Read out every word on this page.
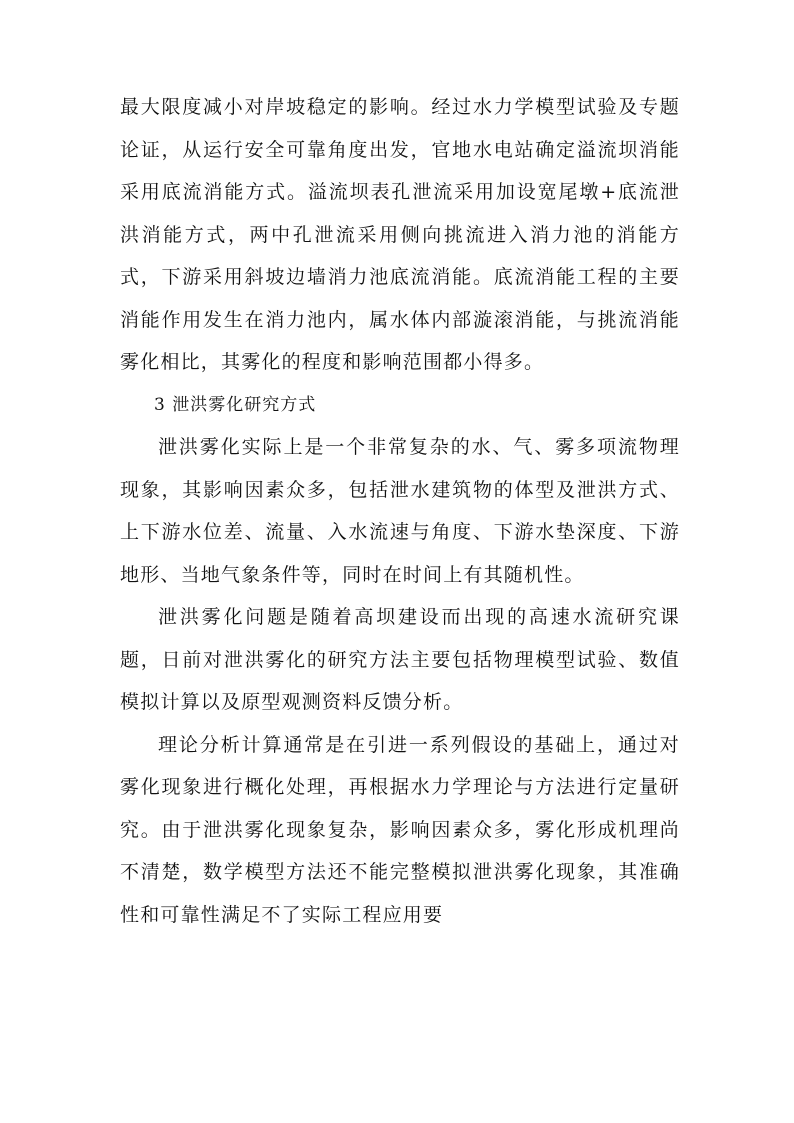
最大限度减小对岸坡稳定的影响。经过水力学模型试验及专题论证，从运行安全可靠角度出发，官地水电站确定溢流坝消能采用底流消能方式。溢流坝表孔泄流采用加设宽尾墩+底流泄洪消能方式，两中孔泄流采用侧向挑流进入消力池的消能方式，下游采用斜坡边墙消力池底流消能。底流消能工程的主要消能作用发生在消力池内，属水体内部漩滚消能，与挑流消能雾化相比，其雾化的程度和影响范围都小得多。

3 泄洪雾化研究方式

泄洪雾化实际上是一个非常复杂的水、气、雾多项流物理现象，其影响因素众多，包括泄水建筑物的体型及泄洪方式、上下游水位差、流量、入水流速与角度、下游水垫深度、下游地形、当地气象条件等，同时在时间上有其随机性。

泄洪雾化问题是随着高坝建设而出现的高速水流研究课题，日前对泄洪雾化的研究方法主要包括物理模型试验、数值模拟计算以及原型观测资料反馈分析。

理论分析计算通常是在引进一系列假设的基础上，通过对雾化现象进行概化处理，再根据水力学理论与方法进行定量研究。由于泄洪雾化现象复杂，影响因素众多，雾化形成机理尚不清楚，数学模型方法还不能完整模拟泄洪雾化现象，其准确性和可靠性满足不了实际工程应用要
